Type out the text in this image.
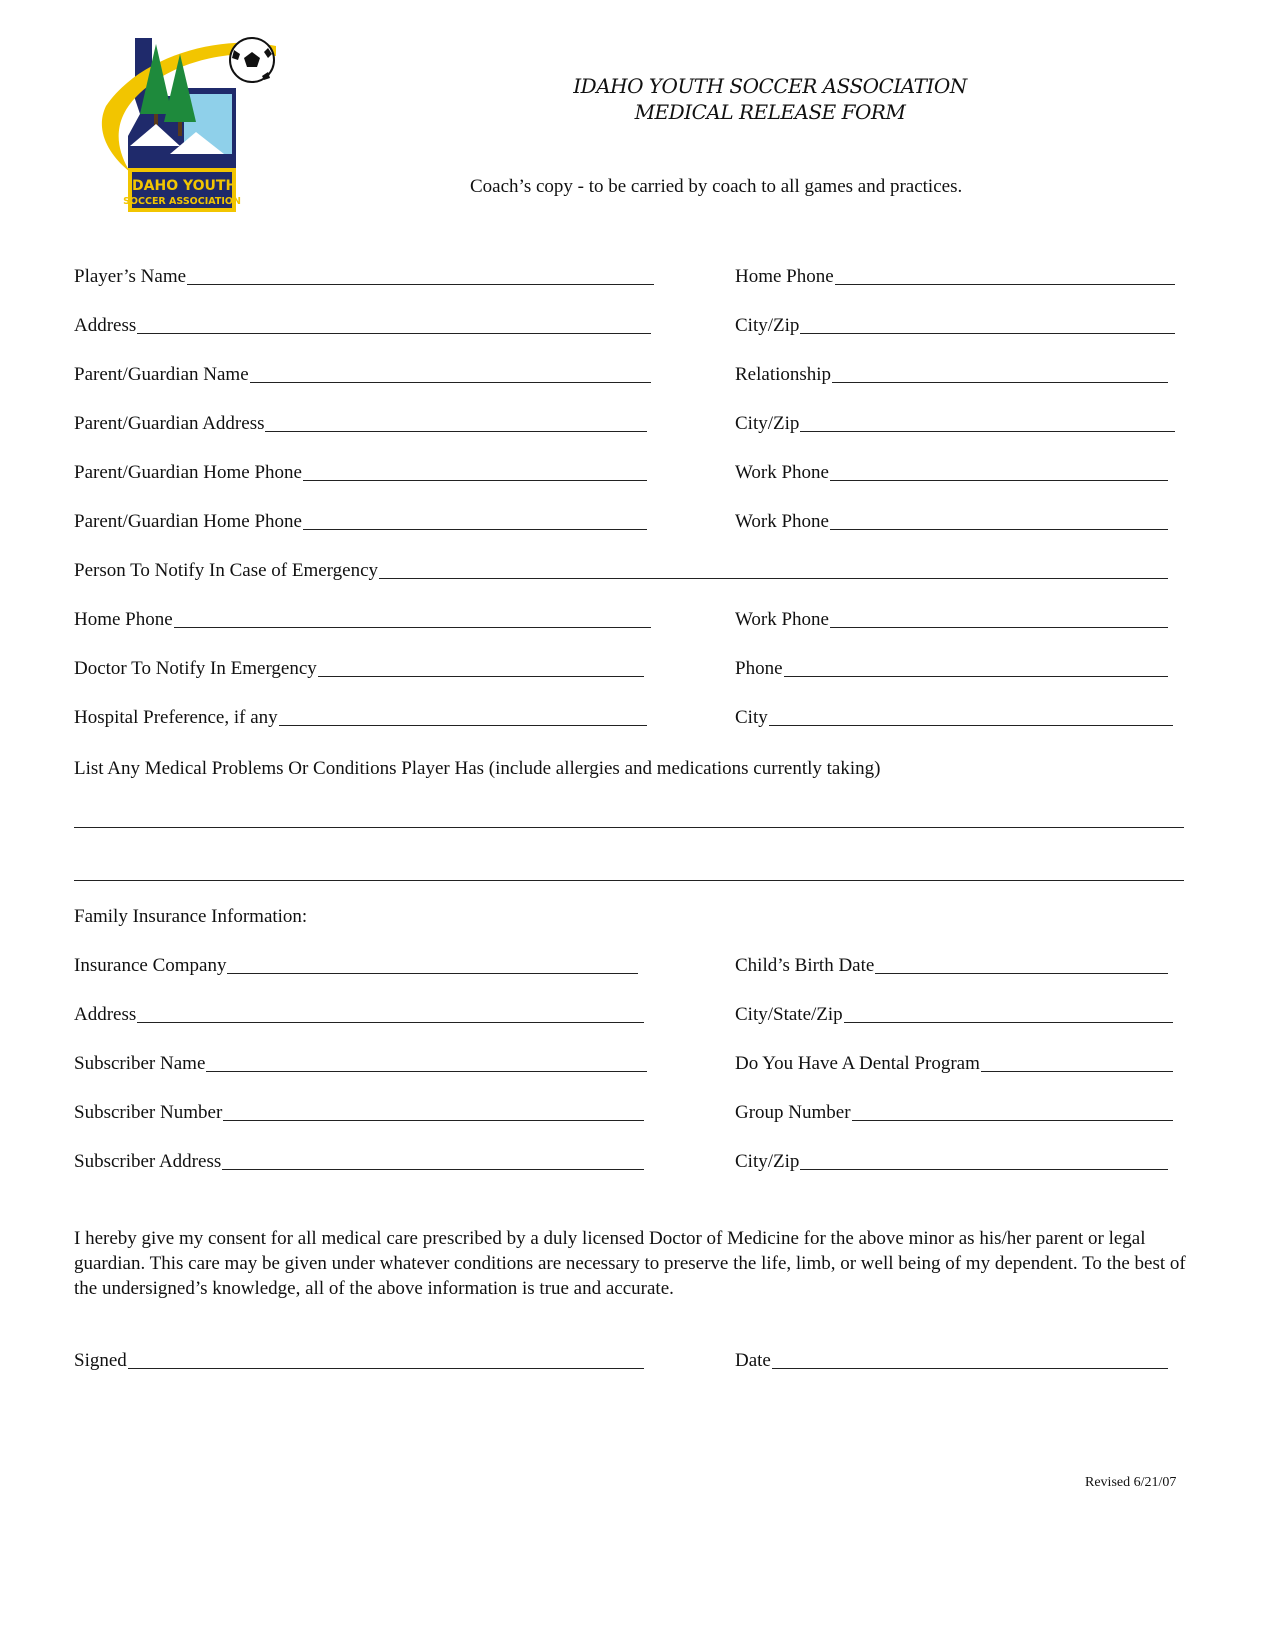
IDAHO YOUTH
SOCCER ASSOCIATION
IDAHO YOUTH SOCCER ASSOCIATION
MEDICAL RELEASE FORM
Coach’s copy - to be carried by coach to all games and practices.
Player’s Name	Home Phone
Address	City/Zip
Parent/Guardian Name	Relationship
Parent/Guardian Address	City/Zip
Parent/Guardian Home Phone	Work Phone
Parent/Guardian Home Phone	Work Phone
Person To Notify In Case of Emergency
Home Phone	Work Phone
Doctor To Notify In Emergency	Phone
Hospital Preference, if any	City
List Any Medical Problems Or Conditions Player Has (include allergies and medications currently taking)
Family Insurance Information:
Insurance Company	Child’s Birth Date
Address	City/State/Zip
Subscriber Name	Do You Have A Dental Program
Subscriber Number	Group Number
Subscriber Address	City/Zip
I hereby give my consent for all medical care prescribed by a duly licensed Doctor of Medicine for the above minor as his/her parent or legal guardian. This care may be given under whatever conditions are necessary to preserve the life, limb, or well being of my dependent. To the best of the undersigned’s knowledge, all of the above information is true and accurate.
Signed	Date
Revised 6/21/07
